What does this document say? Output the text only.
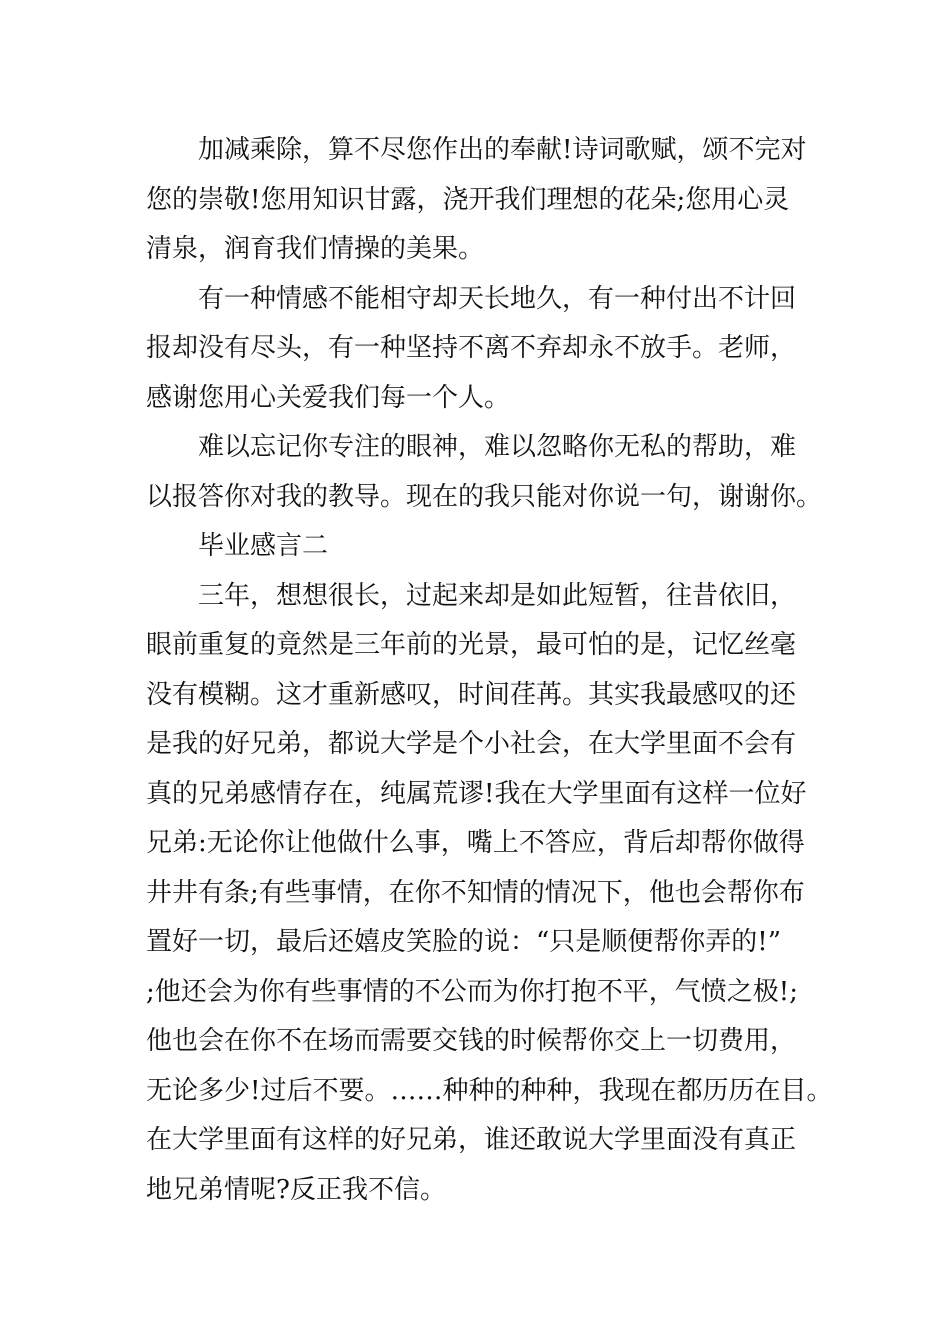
加减乘除，算不尽您作出的奉献!诗词歌赋，颂不完对
您的崇敬!您用知识甘露，浇开我们理想的花朵;您用心灵
清泉，润育我们情操的美果。
有一种情感不能相守却天长地久，有一种付出不计回
报却没有尽头，有一种坚持不离不弃却永不放手。老师，
感谢您用心关爱我们每一个人。
难以忘记你专注的眼神，难以忽略你无私的帮助，难
以报答你对我的教导。现在的我只能对你说一句，谢谢你。
毕业感言二
三年，想想很长，过起来却是如此短暂，往昔依旧，
眼前重复的竟然是三年前的光景，最可怕的是，记忆丝毫
没有模糊。这才重新感叹，时间荏苒。其实我最感叹的还
是我的好兄弟，都说大学是个小社会，在大学里面不会有
真的兄弟感情存在，纯属荒谬!我在大学里面有这样一位好
兄弟:无论你让他做什么事，嘴上不答应，背后却帮你做得
井井有条;有些事情，在你不知情的情况下，他也会帮你布
置好一切，最后还嬉皮笑脸的说：“只是顺便帮你弄的!”
;他还会为你有些事情的不公而为你打抱不平，气愤之极!;
他也会在你不在场而需要交钱的时候帮你交上一切费用，
无论多少!过后不要。……种种的种种，我现在都历历在目。
在大学里面有这样的好兄弟，谁还敢说大学里面没有真正
地兄弟情呢?反正我不信。
